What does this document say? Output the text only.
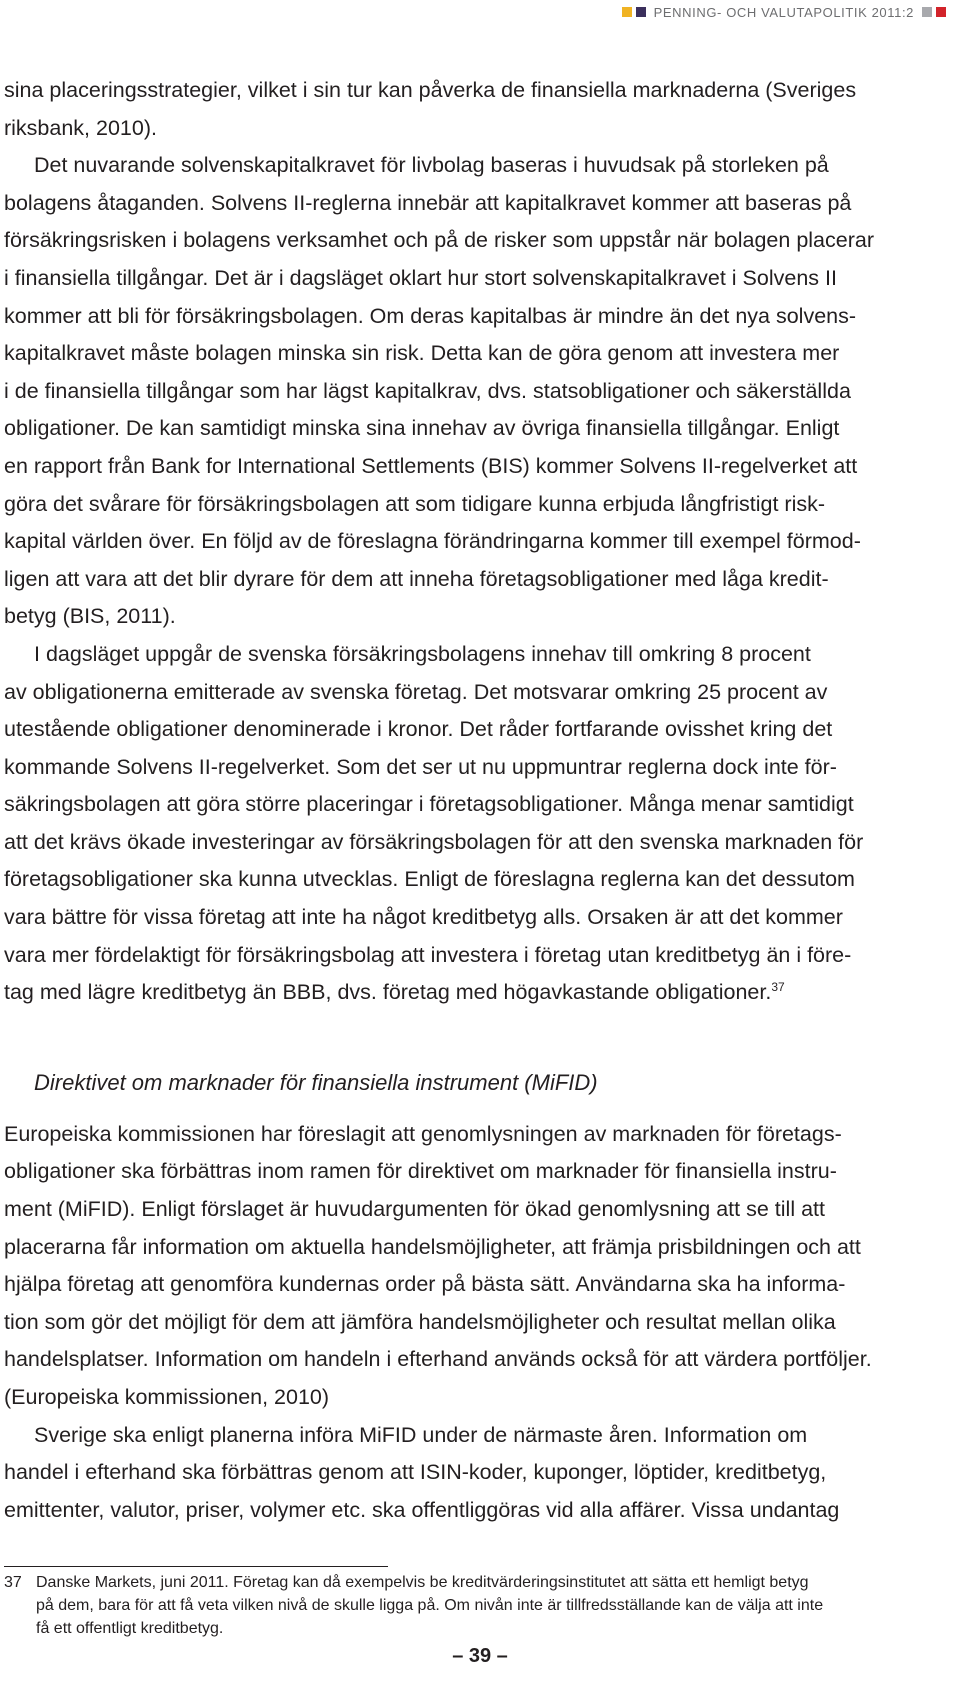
PENNING- OCH VALUTAPOLITIK 2011:2

sina placeringsstrategier, vilket i sin tur kan påverka de finansiella marknaderna (Sveriges
riksbank, 2010).

Det nuvarande solvenskapitalkravet för livbolag baseras i huvudsak på storleken på
bolagens åtaganden. Solvens II-reglerna innebär att kapitalkravet kommer att baseras på
försäkringsrisken i bolagens verksamhet och på de risker som uppstår när bolagen placerar
i finansiella tillgångar. Det är i dagsläget oklart hur stort solvenskapitalkravet i Solvens II
kommer att bli för försäkringsbolagen. Om deras kapitalbas är mindre än det nya solvens-
kapitalkravet måste bolagen minska sin risk. Detta kan de göra genom att investera mer
i de finansiella tillgångar som har lägst kapitalkrav, dvs. statsobligationer och säkerställda
obligationer. De kan samtidigt minska sina innehav av övriga finansiella tillgångar. Enligt
en rapport från Bank for International Settlements (BIS) kommer Solvens II-regelverket att
göra det svårare för försäkringsbolagen att som tidigare kunna erbjuda långfristigt risk-
kapital världen över. En följd av de föreslagna förändringarna kommer till exempel förmod-
ligen att vara att det blir dyrare för dem att inneha företagsobligationer med låga kredit-
betyg (BIS, 2011).

I dagsläget uppgår de svenska försäkringsbolagens innehav till omkring 8 procent
av obligationerna emitterade av svenska företag. Det motsvarar omkring 25 procent av
utestående obligationer denominerade i kronor. Det råder fortfarande ovisshet kring det
kommande Solvens II-regelverket. Som det ser ut nu uppmuntrar reglerna dock inte för-
säkringsbolagen att göra större placeringar i företagsobligationer. Många menar samtidigt
att det krävs ökade investeringar av försäkringsbolagen för att den svenska marknaden för
företagsobligationer ska kunna utvecklas. Enligt de föreslagna reglerna kan det dessutom
vara bättre för vissa företag att inte ha något kreditbetyg alls. Orsaken är att det kommer
vara mer fördelaktigt för försäkringsbolag att investera i företag utan kreditbetyg än i före-
tag med lägre kreditbetyg än BBB, dvs. företag med högavkastande obligationer.$^{37}$

Direktivet om marknader för finansiella instrument (MiFID)

Europeiska kommissionen har föreslagit att genomlysningen av marknaden för företags-
obligationer ska förbättras inom ramen för direktivet om marknader för finansiella instru-
ment (MiFID). Enligt förslaget är huvudargumenten för ökad genomlysning att se till att
placerarna får information om aktuella handelsmöjligheter, att främja prisbildningen och att
hjälpa företag att genomföra kundernas order på bästa sätt. Användarna ska ha informa-
tion som gör det möjligt för dem att jämföra handelsmöjligheter och resultat mellan olika
handelsplatser. Information om handeln i efterhand används också för att värdera portföljer.
(Europeiska kommissionen, 2010)

Sverige ska enligt planerna införa MiFID under de närmaste åren. Information om
handel i efterhand ska förbättras genom att ISIN-koder, kuponger, löptider, kreditbetyg,
emittenter, valutor, priser, volymer etc. ska offentliggöras vid alla affärer. Vissa undantag

37 Danske Markets, juni 2011. Företag kan då exempelvis be kreditvärderingsinstitutet att sätta ett hemligt betyg
på dem, bara för att få veta vilken nivå de skulle ligga på. Om nivån inte är tillfredsställande kan de välja att inte
få ett offentligt kreditbetyg.
– 39 –
